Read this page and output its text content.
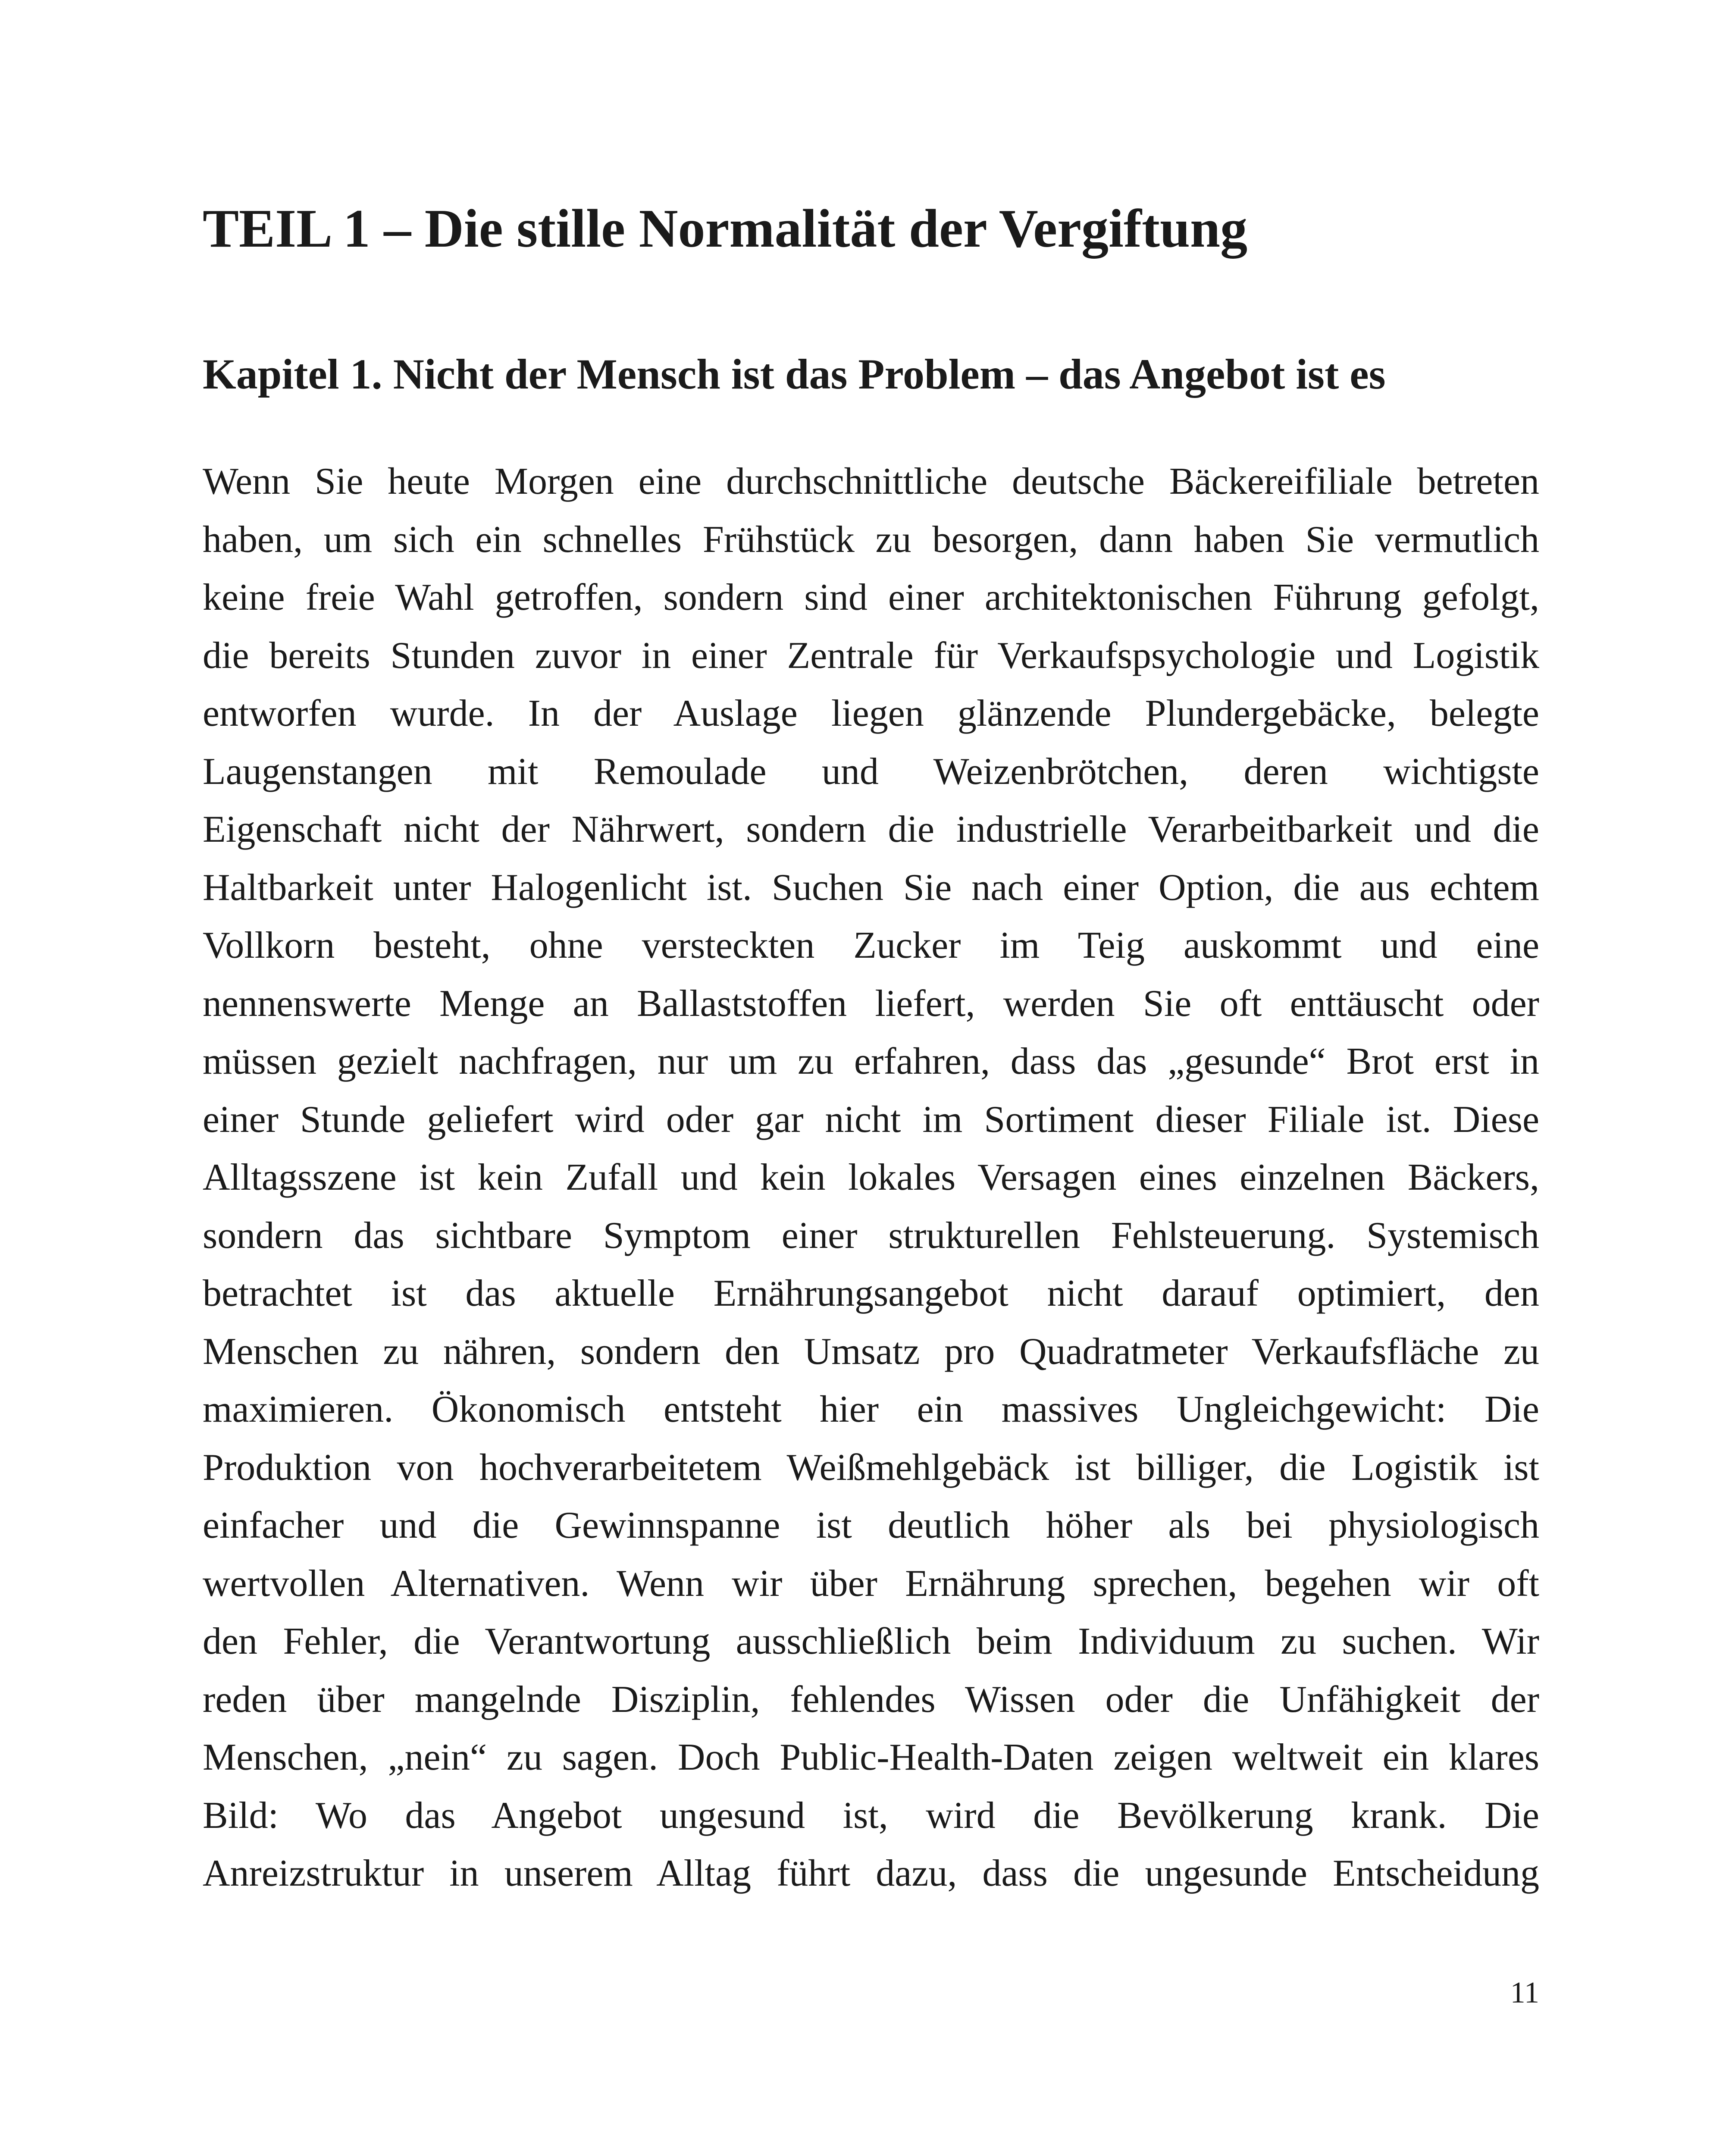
TEIL 1 – Die stille Normalität der Vergiftung
Kapitel 1. Nicht der Mensch ist das Problem – das Angebot ist es
Wenn Sie heute Morgen eine durchschnittliche deutsche Bäckereifiliale betreten
haben, um sich ein schnelles Frühstück zu besorgen, dann haben Sie vermutlich
keine freie Wahl getroffen, sondern sind einer architektonischen Führung gefolgt,
die bereits Stunden zuvor in einer Zentrale für Verkaufspsychologie und Logistik
entworfen wurde. In der Auslage liegen glänzende Plundergebäcke, belegte
Laugenstangen mit Remoulade und Weizenbrötchen, deren wichtigste
Eigenschaft nicht der Nährwert, sondern die industrielle Verarbeitbarkeit und die
Haltbarkeit unter Halogenlicht ist. Suchen Sie nach einer Option, die aus echtem
Vollkorn besteht, ohne versteckten Zucker im Teig auskommt und eine
nennenswerte Menge an Ballaststoffen liefert, werden Sie oft enttäuscht oder
müssen gezielt nachfragen, nur um zu erfahren, dass das „gesunde“ Brot erst in
einer Stunde geliefert wird oder gar nicht im Sortiment dieser Filiale ist. Diese
Alltagsszene ist kein Zufall und kein lokales Versagen eines einzelnen Bäckers,
sondern das sichtbare Symptom einer strukturellen Fehlsteuerung. Systemisch
betrachtet ist das aktuelle Ernährungsangebot nicht darauf optimiert, den
Menschen zu nähren, sondern den Umsatz pro Quadratmeter Verkaufsfläche zu
maximieren. Ökonomisch entsteht hier ein massives Ungleichgewicht: Die
Produktion von hochverarbeitetem Weißmehlgebäck ist billiger, die Logistik ist
einfacher und die Gewinnspanne ist deutlich höher als bei physiologisch
wertvollen Alternativen. Wenn wir über Ernährung sprechen, begehen wir oft
den Fehler, die Verantwortung ausschließlich beim Individuum zu suchen. Wir
reden über mangelnde Disziplin, fehlendes Wissen oder die Unfähigkeit der
Menschen, „nein“ zu sagen. Doch Public-Health-Daten zeigen weltweit ein klares
Bild: Wo das Angebot ungesund ist, wird die Bevölkerung krank. Die
Anreizstruktur in unserem Alltag führt dazu, dass die ungesunde Entscheidung
11
